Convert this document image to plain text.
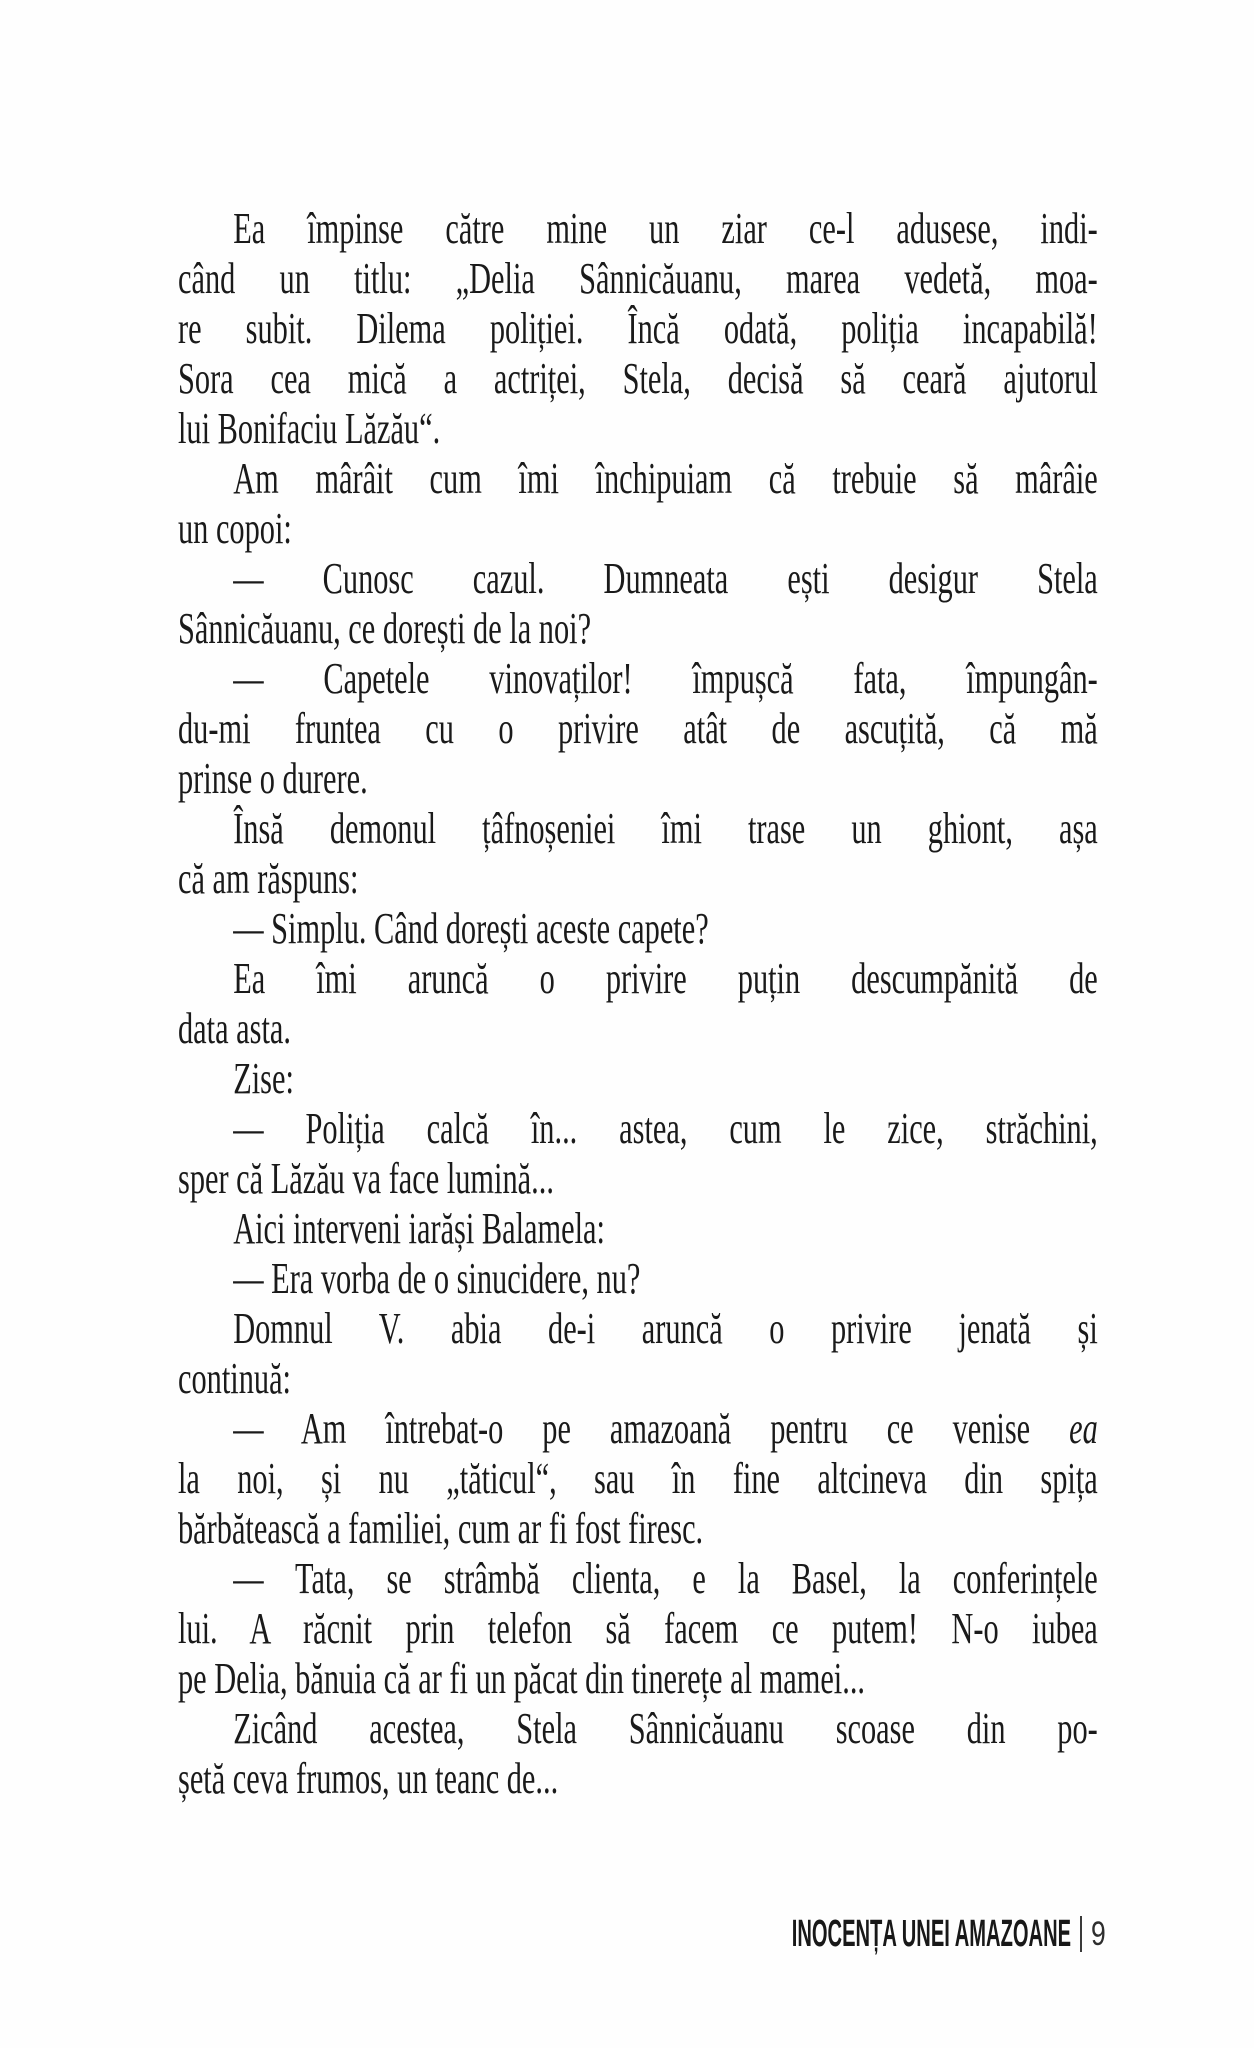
Ea împinse către mine un ziar ce-l adusese, indi-
când un titlu: „Delia Sânnicăuanu, marea vedetă, moa-
re subit. Dilema poliției. Încă odată, poliția incapabilă!
Sora cea mică a actriței, Stela, decisă să ceară ajutorul
lui Bonifaciu Lăzău“.
Am mârâit cum îmi închipuiam că trebuie să mârâie
un copoi:
— Cunosc cazul. Dumneata ești desigur Stela
Sânnicăuanu, ce dorești de la noi?
— Capetele vinovaților! împușcă fata, împungân-
du-mi fruntea cu o privire atât de ascuțită, că mă
prinse o durere.
Însă demonul țâfnoșeniei îmi trase un ghiont, așa
că am răspuns:
— Simplu. Când dorești aceste capete?
Ea îmi aruncă o privire puțin descumpănită de
data asta.
Zise:
— Poliția calcă în... astea, cum le zice, străchini,
sper că Lăzău va face lumină...
Aici interveni iarăși Balamela:
— Era vorba de o sinucidere, nu?
Domnul V. abia de-i aruncă o privire jenată și
continuă:
— Am întrebat-o pe amazoană pentru ce venise ea
la noi, și nu „tăticul“, sau în fine altcineva din spița
bărbătească a familiei, cum ar fi fost firesc.
— Tata, se strâmbă clienta, e la Basel, la conferințele
lui. A răcnit prin telefon să facem ce putem! N-o iubea
pe Delia, bănuia că ar fi un păcat din tinerețe al mamei...
Zicând acestea, Stela Sânnicăuanu scoase din po-
șetă ceva frumos, un teanc de...
INOCENȚA UNEI AMAZOANE 9
